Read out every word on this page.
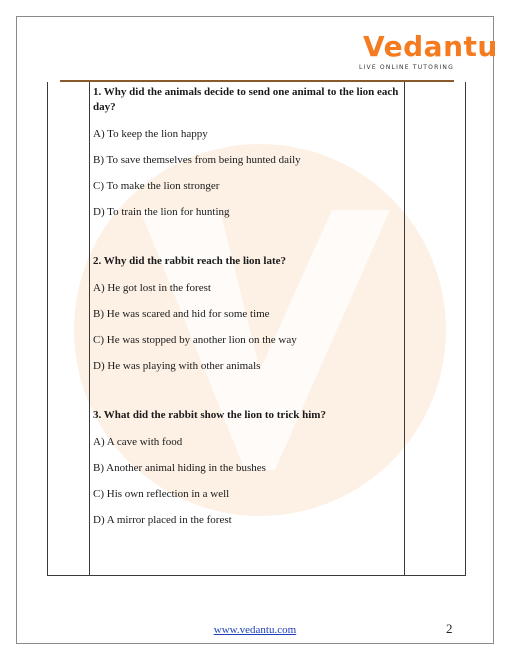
Vedantu
LIVE ONLINE TUTORING

1. Why did the animals decide to send one animal to the lion each day?

A) To keep the lion happy

B) To save themselves from being hunted daily

C) To make the lion stronger

D) To train the lion for hunting

2. Why did the rabbit reach the lion late?

A) He got lost in the forest

B) He was scared and hid for some time

C) He was stopped by another lion on the way

D) He was playing with other animals

3. What did the rabbit show the lion to trick him?

A) A cave with food

B) Another animal hiding in the bushes

C) His own reflection in a well

D) A mirror placed in the forest

www.vedantu.com	2
